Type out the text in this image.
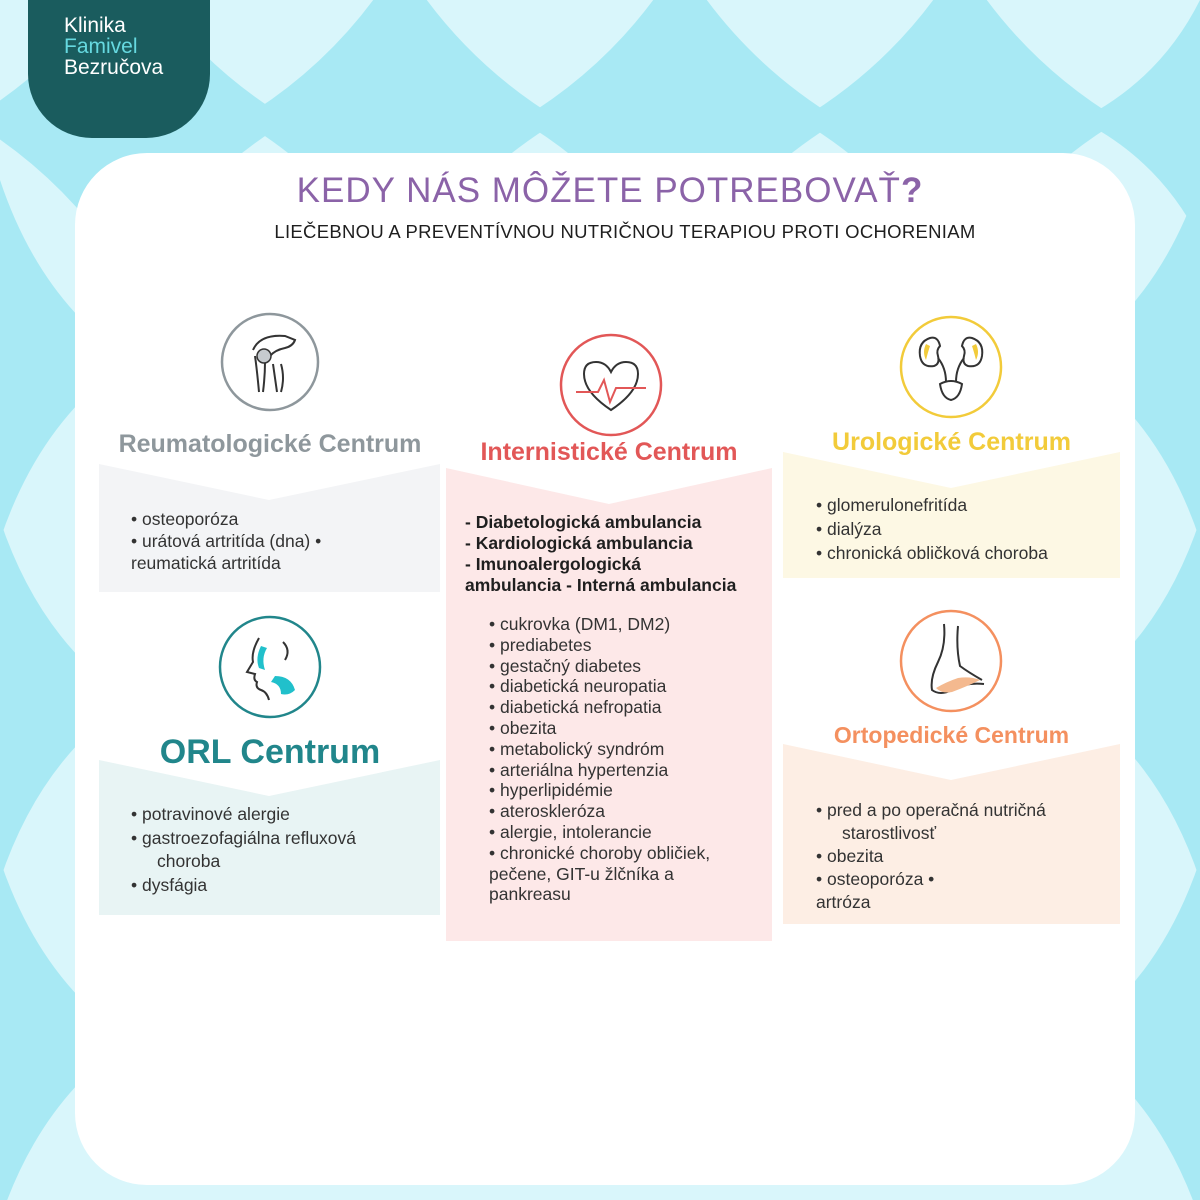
Klinika
Famivel
Bezručova
KEDY NÁS MÔŽETE POTREBOVAŤ?
LIEČEBNOU A PREVENTÍVNOU NUTRIČNOU TERAPIOU PROTI OCHORENIAM
Reumatologické Centrum
• osteoporóza
• urátová artritída (dna) •
reumatická artritída
ORL Centrum
• potravinové alergie
• gastroezofagiálna refluxová
choroba
• dysfágia
Internistické Centrum
- Diabetologická ambulancia
- Kardiologická ambulancia
- Imunoalergologická
ambulancia - Interná ambulancia
• cukrovka (DM1, DM2)
• prediabetes
• gestačný diabetes
• diabetická neuropatia
• diabetická nefropatia
• obezita
• metabolický syndróm
• arteriálna hypertenzia
• hyperlipidémie
• ateroskleróza
• alergie, intolerancie
• chronické choroby obličiek,
pečene, GIT-u žlčníka a
pankreasu
Urologické Centrum
• glomerulonefritída
• dialýza
• chronická obličková choroba
Ortopedické Centrum
• pred a po operačná nutričná
starostlivosť
• obezita
• osteoporóza •
artróza
